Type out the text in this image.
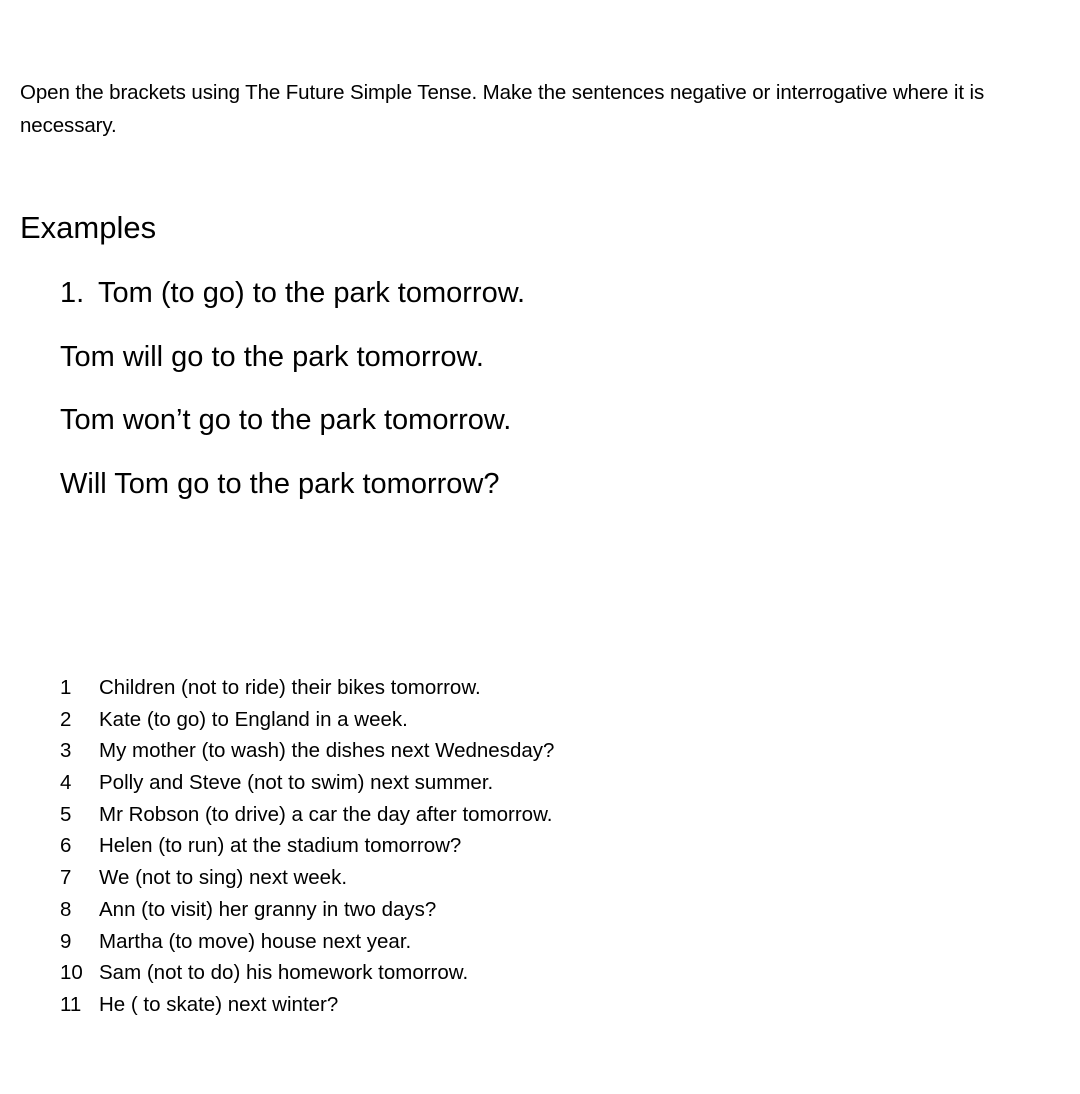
Open the brackets using The Future Simple Tense. Make the sentences negative or interrogative where it is necessary.
Examples
1. Tom (to go) to the park tomorrow.
Tom will go to the park tomorrow.
Tom won’t go to the park tomorrow.
Will Tom go to the park tomorrow?
1	Children (not to ride) their bikes tomorrow.
2	Kate (to go) to England in a week.
3	My mother (to wash) the dishes next Wednesday?
4	Polly and Steve (not to swim) next summer.
5	Mr Robson (to drive) a car the day after tomorrow.
6	Helen (to run) at the stadium tomorrow?
7	We (not to sing) next week.
8	Ann (to visit) her granny in two days?
9	Martha (to move) house next year.
10 Sam (not to do) his homework tomorrow.
11 He ( to skate) next winter?
